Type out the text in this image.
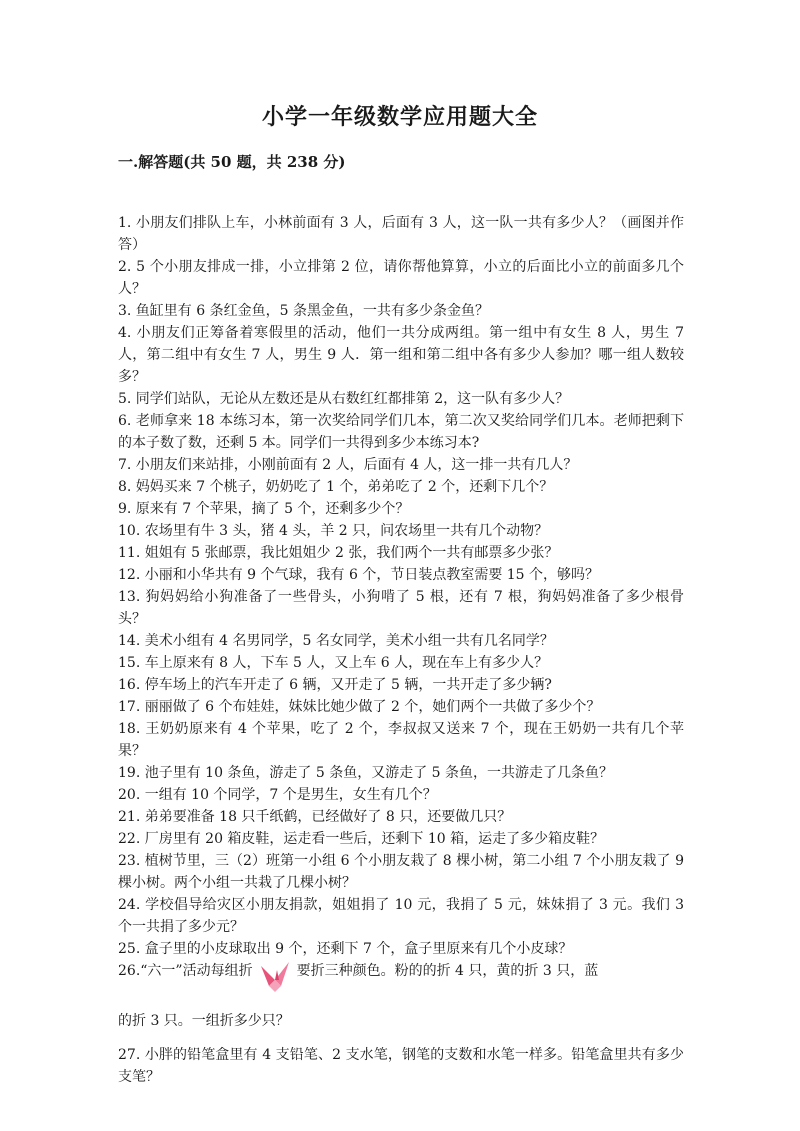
小学一年级数学应用题大全
一.解答题(共 50 题，共 238 分)

1. 小朋友们排队上车，小林前面有 3 人，后面有 3 人，这一队一共有多少人？（画图并作答）

2. 5 个小朋友排成一排，小立排第 2 位，请你帮他算算，小立的后面比小立的前面多几个人？

3. 鱼缸里有 6 条红金鱼，5 条黑金鱼，一共有多少条金鱼？

4. 小朋友们正筹备着寒假里的活动，他们一共分成两组。第一组中有女生 8 人，男生 7 人，第二组中有女生 7 人，男生 9 人．第一组和第二组中各有多少人参加？哪一组人数较多？

5. 同学们站队，无论从左数还是从右数红红都排第 2，这一队有多少人？

6. 老师拿来 18 本练习本，第一次奖给同学们几本，第二次又奖给同学们几本。老师把剩下的本子数了数，还剩 5 本。同学们一共得到多少本练习本?

7. 小朋友们来站排，小刚前面有 2 人，后面有 4 人，这一排一共有几人？

8. 妈妈买来 7 个桃子，奶奶吃了 1 个，弟弟吃了 2 个，还剩下几个？

9. 原来有 7 个苹果，摘了 5 个，还剩多少个？

10. 农场里有牛 3 头，猪 4 头，羊 2 只，问农场里一共有几个动物？

11. 姐姐有 5 张邮票，我比姐姐少 2 张，我们两个一共有邮票多少张？

12. 小丽和小华共有 9 个气球，我有 6 个，节日装点教室需要 15 个，够吗？

13. 狗妈妈给小狗准备了一些骨头，小狗啃了 5 根，还有 7 根，狗妈妈准备了多少根骨头？

14. 美术小组有 4 名男同学，5 名女同学，美术小组一共有几名同学？

15. 车上原来有 8 人，下车 5 人，又上车 6 人，现在车上有多少人？

16. 停车场上的汽车开走了 6 辆，又开走了 5 辆，一共开走了多少辆?

17. 丽丽做了 6 个布娃娃，妹妹比她少做了 2 个，她们两个一共做了多少个？

18. 王奶奶原来有 4 个苹果，吃了 2 个，李叔叔又送来 7 个，现在王奶奶一共有几个苹果？

19. 池子里有 10 条鱼，游走了 5 条鱼，又游走了 5 条鱼，一共游走了几条鱼？

20. 一组有 10 个同学，7 个是男生，女生有几个？

21. 弟弟要准备 18 只千纸鹤，已经做好了 8 只，还要做几只？

22. 厂房里有 20 箱皮鞋，运走看一些后，还剩下 10 箱，运走了多少箱皮鞋？

23. 植树节里，三（2）班第一小组 6 个小朋友栽了 8 棵小树，第二小组 7 个小朋友栽了 9 棵小树。两个小组一共栽了几棵小树？

24. 学校倡导给灾区小朋友捐款，姐姐捐了 10 元，我捐了 5 元，妹妹捐了 3 元。我们 3 个一共捐了多少元？

25. 盒子里的小皮球取出 9 个，还剩下 7 个，盒子里原来有几个小皮球？

26.“六一”活动每组折	要折三种颜色。粉的的折 4 只，黄的折 3 只，蓝
的折 3 只。一组折多少只？

27. 小胖的铅笔盒里有 4 支铅笔、2 支水笔，钢笔的支数和水笔一样多。铅笔盒里共有多少支笔？
